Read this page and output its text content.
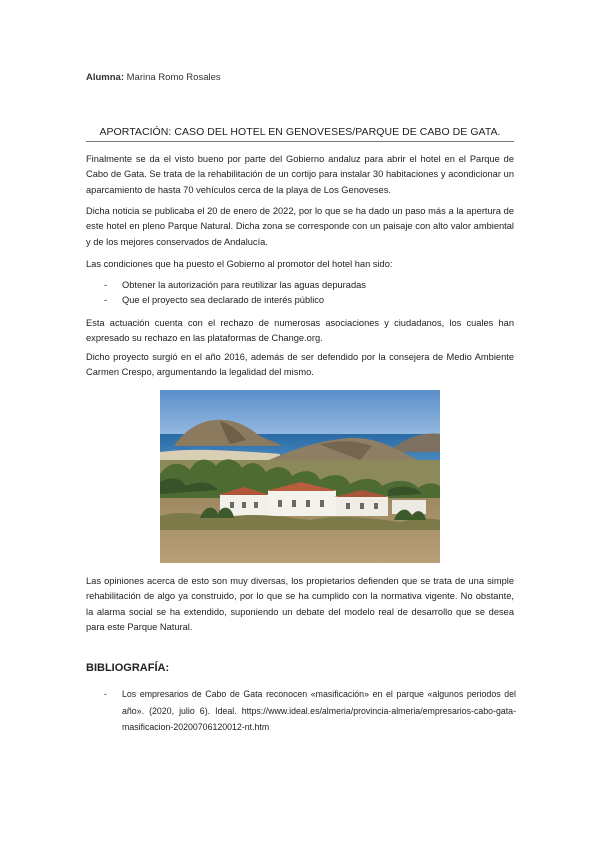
Alumna: Marina Romo Rosales
APORTACIÓN: CASO DEL HOTEL EN GENOVESES/PARQUE DE CABO DE GATA.

Finalmente se da el visto bueno por parte del Gobierno andaluz para abrir el hotel en el Parque de Cabo de Gata. Se trata de la rehabilitación de un cortijo para instalar 30 habitaciones y acondicionar un aparcamiento de hasta 70 vehículos cerca de la playa de Los Genoveses.

Dicha noticia se publicaba el 20 de enero de 2022, por lo que se ha dado un paso más a la apertura de este hotel en pleno Parque Natural. Dicha zona se corresponde con un paisaje con alto valor ambiental y de los mejores conservados de Andalucía.

Las condiciones que ha puesto el Gobierno al promotor del hotel han sido:

- Obtener la autorización para reutilizar las aguas depuradas
- Que el proyecto sea declarado de interés público

Esta actuación cuenta con el rechazo de numerosas asociaciones y ciudadanos, los cuales han expresado su rechazo en las plataformas de Change.org.

Dicho proyecto surgió en el año 2016, además de ser defendido por la consejera de Medio Ambiente Carmen Crespo, argumentando la legalidad del mismo.

Las opiniones acerca de esto son muy diversas, los propietarios defienden que se trata de una simple rehabilitación de algo ya construido, por lo que se ha cumplido con la normativa vigente. No obstante, la alarma social se ha extendido, suponiendo un debate del modelo real de desarrollo que se desea para este Parque Natural.

BIBLIOGRAFÍA:
- Los empresarios de Cabo de Gata reconocen «masificación» en el parque «algunos periodos del año». (2020, julio 6). Ideal. https://www.ideal.es/almeria/provincia-almeria/empresarios-cabo-gata-masificacion-20200706120012-nt.htm
